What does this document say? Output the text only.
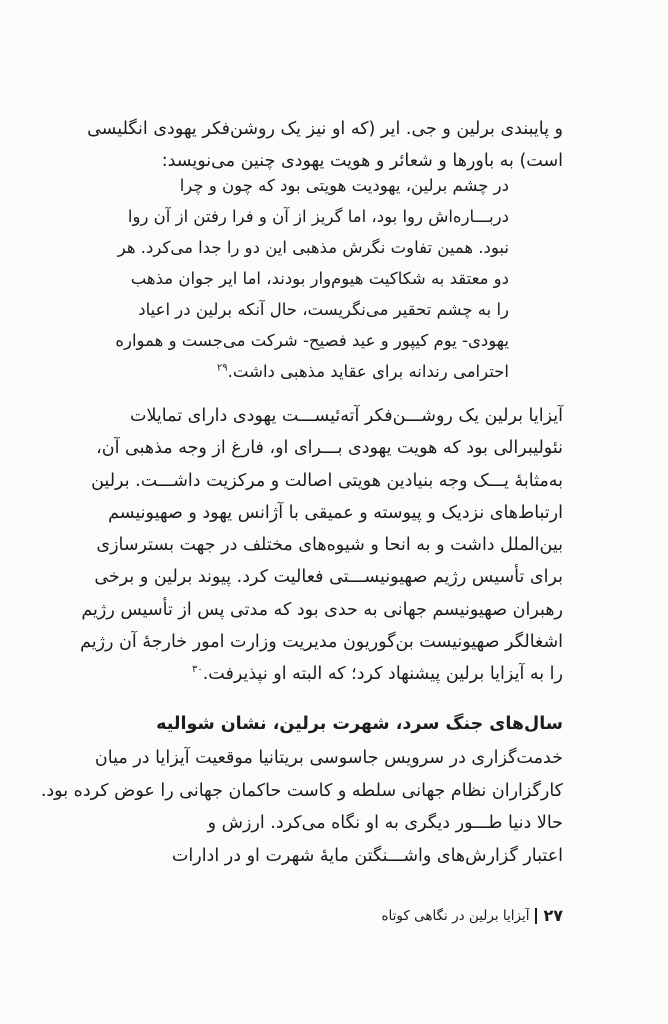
و پایبندی برلین و جی. ایر (که او نیز یک روشن‌فکر یهودی انگلیسی
است) به باورها و شعائر و هویت یهودی چنین می‌نویسد:
در چشم برلین، یهودیت هویتی بود که چون و چرا
دربـــاره‌اش روا بود، اما گریز از آن و فرا رفتن از آن روا
نبود. همین تفاوت نگرش مذهبی این دو را جدا می‌کرد. هر
دو معتقد به شکاکیت هیوم‌وار بودند، اما ایر جوان مذهب
را به چشم تحقیر می‌نگریست، حال آنکه برلین در اعیاد
یهودی- یوم کیپور و عید فصیح- شرکت می‌جست و همواره
احترامی رندانه برای عقاید مذهبی داشت.$^{۲۹}$
آیزایا برلین یک روشـــن‌فکر آته‌ئیســـت یهودی دارای تمایلات
نئولیبرالی بود که هویت یهودی بـــرای او، فارغ از وجه مذهبی آن،
به‌مثابهٔ یـــک وجه بنیادین هویتی اصالت و مرکزیت داشـــت. برلین
ارتباط‌های نزدیک و پیوسته و عمیقی با آژانس یهود و صهیونیسم
بین‌الملل داشت و به انحا و شیوه‌های مختلف در جهت بسترسازی
برای تأسیس رژیم صهیونیســـتی فعالیت کرد. پیوند برلین و برخی
رهبران صهیونیسم جهانی به حدی بود که مدتی پس از تأسیس رژیم
اشغالگر صهیونیست بن‌گوریون مدیریت وزارت امور خارجهٔ آن رژیم
را به آیزایا برلین پیشنهاد کرد؛ که البته او نپذیرفت.$^{۳۰}$
سال‌های جنگ سرد، شهرت برلین، نشان شوالیه
خدمت‌گزاری در سرویس جاسوسی بریتانیا موقعیت آیزایا در میان
کارگزاران نظام جهانی سلطه و کاست حاکمان جهانی را عوض کرده بود.
حالا دنیا طـــور دیگری به او نگاه می‌کرد. ارزش و
اعتبار گزارش‌های واشـــنگتن مایهٔ شهرت او در ادارات
۲۷
آیزایا برلین در نگاهی کوتاه
